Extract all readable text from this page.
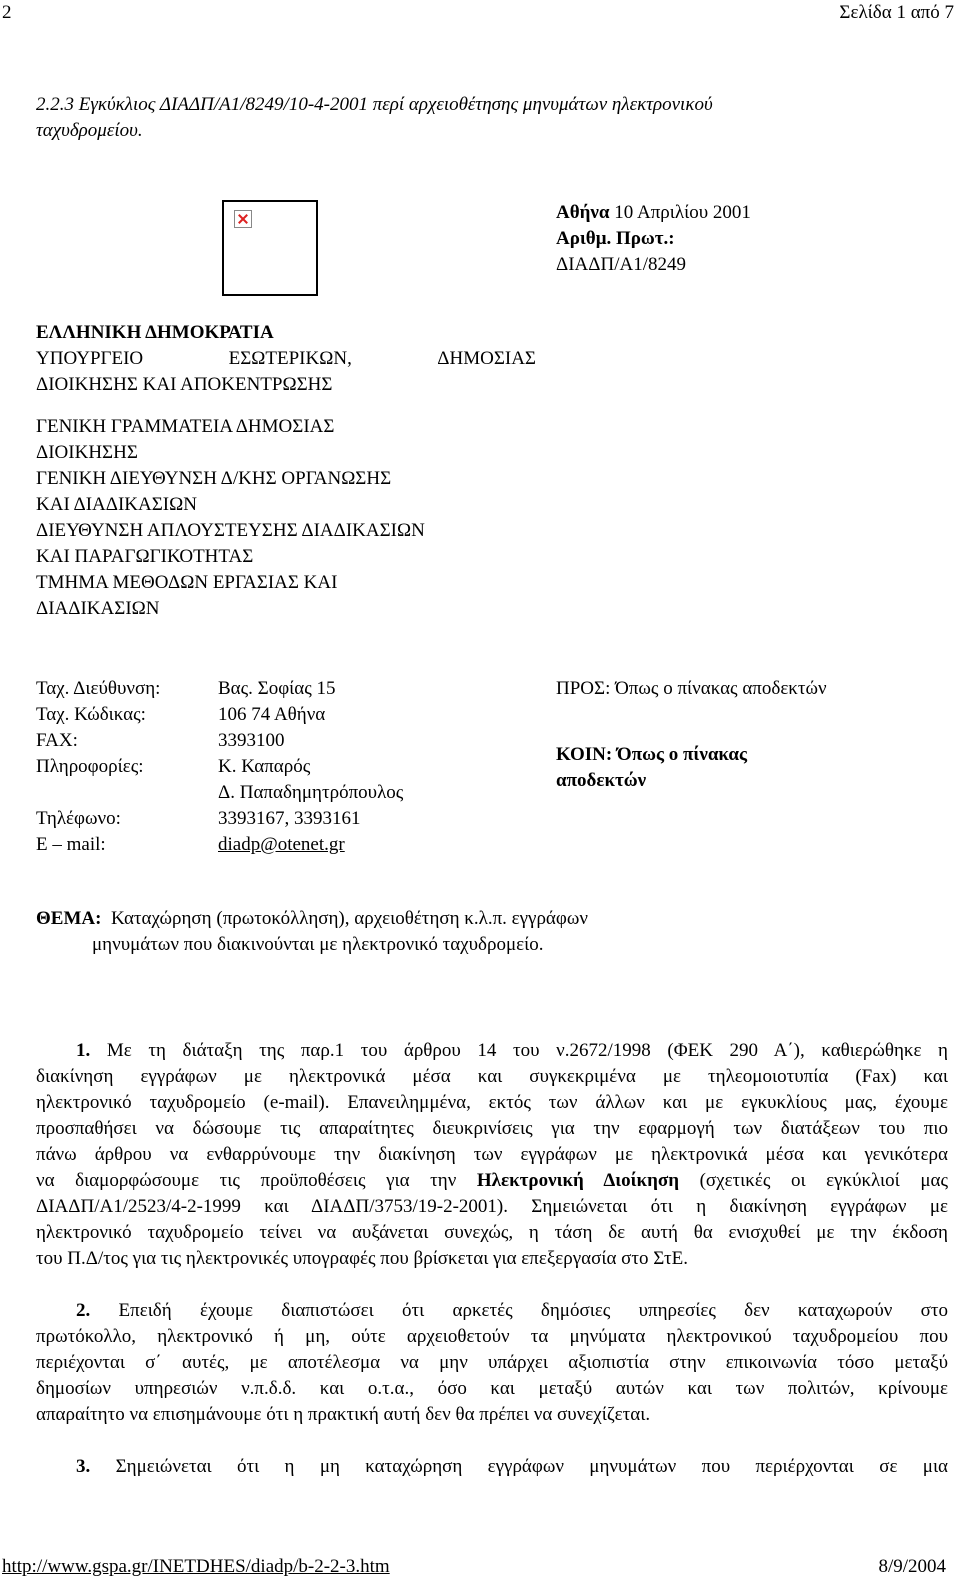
2	Σελίδα 1 από 7
2.2.3 Εγκύκλιος ΔΙΑΔΠ/Α1/8249/10-4-2001 περί αρχειοθέτησης μηνυμάτων ηλεκτρονικού
ταχυδρομείου.
Αθήνα 10 Απριλίου 2001
Αριθμ. Πρωτ.:
ΔΙΑΔΠ/Α1/8249
ΕΛΛΗΝΙΚΗ ΔΗΜΟΚΡΑΤΙΑ
ΥΠΟΥΡΓΕΙΟ	ΕΣΩΤΕΡΙΚΩΝ,	ΔΗΜΟΣΙΑΣ
ΔΙΟΙΚΗΣΗΣ ΚΑΙ ΑΠΟΚΕΝΤΡΩΣΗΣ
ΓΕΝΙΚΗ ΓΡΑΜΜΑΤΕΙΑ ΔΗΜΟΣΙΑΣ
ΔΙΟΙΚΗΣΗΣ
ΓΕΝΙΚΗ ΔΙΕΥΘΥΝΣΗ Δ/ΚΗΣ ΟΡΓΑΝΩΣΗΣ
ΚΑΙ ΔΙΑΔΙΚΑΣΙΩΝ
ΔΙΕΥΘΥΝΣΗ ΑΠΛΟΥΣΤΕΥΣΗΣ ΔΙΑΔΙΚΑΣΙΩΝ
ΚΑΙ ΠΑΡΑΓΩΓΙΚΟΤΗΤΑΣ
ΤΜΗΜΑ ΜΕΘΟΔΩΝ ΕΡΓΑΣΙΑΣ ΚΑΙ
ΔΙΑΔΙΚΑΣΙΩΝ
Ταχ. Διεύθυνση:	Βας. Σοφίας 15
Ταχ. Κώδικας:	106 74 Αθήνα
FAX:	3393100
Πληροφορίες:	Κ. Καπαρός
Δ. Παπαδημητρόπουλος
Τηλέφωνο:	3393167, 3393161
E – mail:	diadp@otenet.gr
ΠΡΟΣ: Όπως ο πίνακας αποδεκτών
ΚΟΙΝ: Όπως ο πίνακας
αποδεκτών
ΘΕΜΑ: Καταχώρηση (πρωτοκόλληση), αρχειοθέτηση κ.λ.π. εγγράφων
μηνυμάτων που διακινούνται με ηλεκτρονικό ταχυδρομείο.

1. Με τη διάταξη της παρ.1 του άρθρου 14 του ν.2672/1998 (ΦΕΚ 290 Α΄), καθιερώθηκε η
διακίνηση εγγράφων με ηλεκτρονικά μέσα και συγκεκριμένα με τηλεομοιοτυπία (Fax) και
ηλεκτρονικό ταχυδρομείο (e-mail). Επανειλημμένα, εκτός των άλλων και με εγκυκλίους μας, έχουμε
προσπαθήσει να δώσουμε τις απαραίτητες διευκρινίσεις για την εφαρμογή των διατάξεων του πιο
πάνω άρθρου να ενθαρρύνουμε την διακίνηση των εγγράφων με ηλεκτρονικά μέσα και γενικότερα
να διαμορφώσουμε τις προϋποθέσεις για την Ηλεκτρονική Διοίκηση (σχετικές οι εγκύκλιοί μας
ΔΙΑΔΠ/Α1/2523/4-2-1999 και ΔΙΑΔΠ/3753/19-2-2001). Σημειώνεται ότι η διακίνηση εγγράφων με
ηλεκτρονικό ταχυδρομείο τείνει να αυξάνεται συνεχώς, η τάση δε αυτή θα ενισχυθεί με την έκδοση
του Π.Δ/τος για τις ηλεκτρονικές υπογραφές που βρίσκεται για επεξεργασία στο ΣτΕ.

2. Επειδή έχουμε διαπιστώσει ότι αρκετές δημόσιες υπηρεσίες δεν καταχωρούν στο
πρωτόκολλο, ηλεκτρονικό ή μη, ούτε αρχειοθετούν τα μηνύματα ηλεκτρονικού ταχυδρομείου που
περιέχονται σ΄ αυτές, με αποτέλεσμα να μην υπάρχει αξιοπιστία στην επικοινωνία τόσο μεταξύ
δημοσίων υπηρεσιών ν.π.δ.δ. και ο.τ.α., όσο και μεταξύ αυτών και των πολιτών, κρίνουμε
απαραίτητο να επισημάνουμε ότι η πρακτική αυτή δεν θα πρέπει να συνεχίζεται.

3. Σημειώνεται ότι η μη καταχώρηση εγγράφων μηνυμάτων που περιέρχονται σε μια

http://www.gspa.gr/INETDHES/diadp/b-2-2-3.htm	8/9/2004
